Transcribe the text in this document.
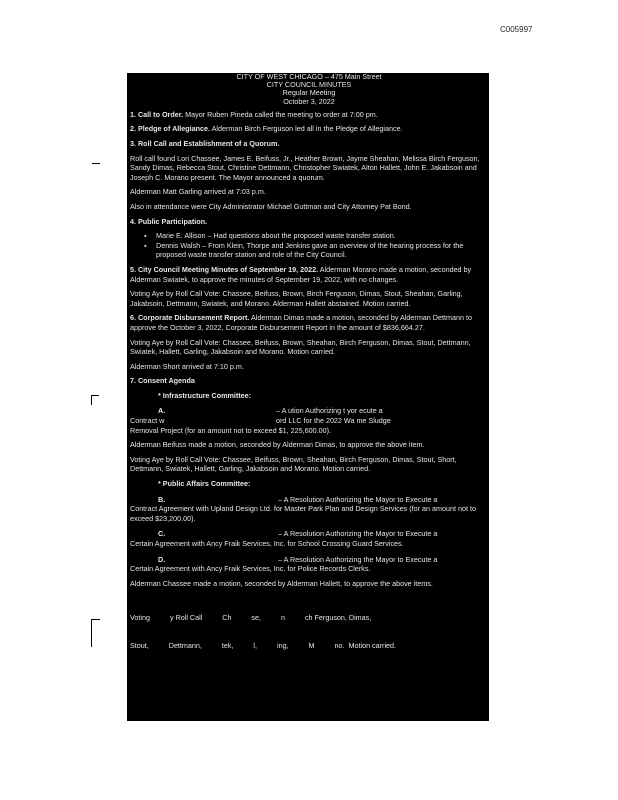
C005997
CITY OF WEST CHICAGO – 475 Main Street
CITY COUNCIL MINUTES
Regular Meeting
October 3, 2022

1. Call to Order. Mayor Ruben Pineda called the meeting to order at 7:00 pm.

2. Pledge of Allegiance. Alderman Birch Ferguson led all in the Pledge of Allegiance.

3. Roll Call and Establishment of a Quorum.

Roll call found Lori Chassee, James E. Beifuss, Jr., Heather Brown, Jayme Sheahan, Melissa Birch Ferguson, Sandy Dimas, Rebecca Stout, Christine Dettmann, Christopher Swiatek, Alton Hallett, John E. Jakabsoin and Joseph C. Morano present. The Mayor announced a quorum.

Alderman Matt Garling arrived at 7:03 p.m.

Also in attendance were City Administrator Michael Guttman and City Attorney Pat Bond.

4. Public Participation.

▪ Marie E. Allison – Had questions about the proposed waste transfer station.
▪ Dennis Walsh – From Klein, Thorpe and Jenkins gave an overview of the hearing process for the proposed waste transfer station and role of the City Council.

5. City Council Meeting Minutes of September 19, 2022. Alderman Morano made a motion, seconded by Alderman Swiatek, to approve the minutes of September 19, 2022, with no changes.

Voting Aye by Roll Call Vote: Chassee, Beifuss, Brown, Birch Ferguson, Dimas, Stout, Sheahan, Garling, Jakabsoin, Dettmann, Swiatek, and Morano. Alderman Hallett abstained. Motion carried.

6. Corporate Disbursement Report. Alderman Dimas made a motion, seconded by Alderman Dettmann to approve the October 3, 2022, Corporate Disbursement Report in the amount of $836,664.27.

Voting Aye by Roll Call Vote: Chassee, Beifuss, Brown, Sheahan, Birch Ferguson, Dimas, Stout, Dettmann, Swiatek, Hallett, Garling, Jakabsoin and Morano. Motion carried.

Alderman Short arrived at 7:10 p.m.

7. Consent Agenda

* Infrastructure Committee:
A.	– A ution Authorizing t yor ecute a
Contract w	ord LLC for the 2022 Wa me Sludge
Removal Project (for an amount not to exceed $1, 225,600.00).

Alderman Beifuss made a motion, seconded by Alderman Dimas, to approve the above item.

Voting Aye by Roll Call Vote: Chassee, Beifuss, Brown, Sheahan, Birch Ferguson, Dimas, Stout, Short, Dettmann, Swiatek, Hallett, Garling, Jakabsoin and Morano. Motion carried.

* Public Affairs Committee:
B.	– A Resolution Authorizing the Mayor to Execute a
Contract Agreement with Upland Design Ltd. for Master Park Plan and Design Services (for an amount not to exceed $23,200.00).
C.	– A Resolution Authorizing the Mayor to Execute a
Certain Agreement with Ancy Fraik Services, Inc. for School Crossing Guard Services.
D.	– A Resolution Authorizing the Mayor to Execute a
Certain Agreement with Ancy Fraik Services, Inc. for Police Records Clerks.

Alderman Chassee made a motion, seconded by Alderman Hallett, to approve the above items.

Voting          y Roll Call          Ch          se,          n          ch Ferguson, Dimas,

Stout,          Dettmann,          tek,          l,          ing,          M          no.  Motion carried.
